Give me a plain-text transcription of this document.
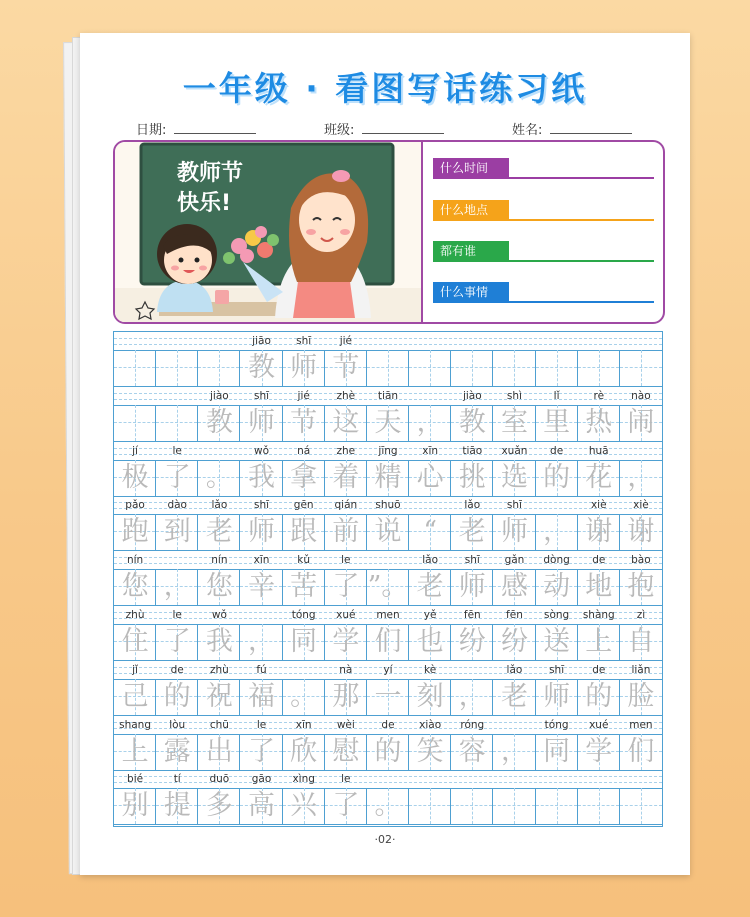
一年级 · 看图写话练习纸
日期:	班级:	姓名:
教师节
快乐!
什么时间
什么地点
都有谁
什么事情
jiāo
教
shī
师
jié
节
jiào
教
shī
师
jié
节
zhè
这
tiān
天 ，
jiào
教
shì
室
lǐ
里
rè
热
nào
闹
jí
极
le
了 。
wǒ
我
ná
拿
zhe
着
jīng
精
xīn
心
tiāo
挑
xuǎn
选
de
的
huā
花 ，
pǎo
跑
dào
到
lǎo
老
shī
师
gēn
跟
qián
前
shuō
说 “
lǎo
老
shī
师 ，
xiè
谢
xiè
谢
nín
您 ，
nín
您
xīn
辛
kǔ
苦
le
了 ”。
lǎo
老
shī
师
gǎn
感
dòng
动
de
地
bào
抱
zhù
住
le
了
wǒ
我 ，
tóng
同
xué
学
men
们
yě
也
fēn
纷
fēn
纷
sòng
送
shàng
上
zì
自
jǐ
己
de
的
zhù
祝
fú
福 。
nà
那
yí
一
kè
刻 ，
lǎo
老
shī
师
de
的
liǎn
脸
shang
上
lòu
露
chū
出
le
了
xīn
欣
wèi
慰
de
的
xiào
笑
róng
容 ，
tóng
同
xué
学
men
们
bié
别
tí
提
duō
多
gāo
高
xìng
兴
le
了 。
·02·
